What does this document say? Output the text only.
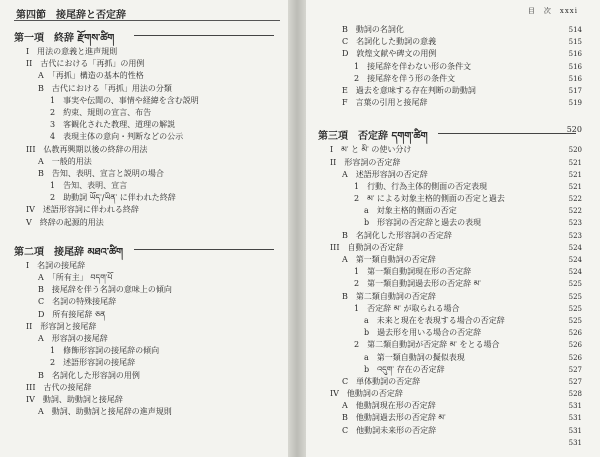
第四節　接尾辞と否定辞
第一項　終辞 རྫོགས་ཚིག
I　用法の意義と進声規則
II　古代における「再抓」の用例
A　「再抓」構造の基本的性格
B　古代における「再抓」用法の分類
1　事実や伝聞の、事情や経緯を含む説明
2　約束、規則の宣言、布告
3　客観化された教理、道理の解説
4　表現主体の意向・判断などの公示
III　仏教再興期以後の終辞の用法
A　一般的用法
B　告知、表明、宣言と説明の場合
1　告知、表明、宣言
2　助動詞 ཡོད་/ཡིན་ に伴われた終辞
IV　述語形容詞に伴われる終辞
V　終辞の起源的用法
第二項　接尾辞 མཐའ་ཚིག
I　名詞の接尾辞
A　「所有主」 བདག་པོ
B　接尾辞を伴う名詞の意味上の傾向
C　名詞の特殊接尾辞
D　所有接尾辞 ཅན
II　形容詞と接尾辞
A　形容詞の接尾辞
1　修飾形容詞の接尾辞の傾向
2　述語形容詞の接尾辞
B　名詞化した形容詞の用例
III　古代の接尾辞
IV　動詞、助動詞と接尾辞
A　動詞、助動詞と接尾辞の進声規則
目　次　xxxi
B　動詞の名詞化	514
C　名詞化した動詞の意義	515
D　敦煌文献や碑文の用例	516
1　接尾辞を伴わない形の条件文	516
2　接尾辞を伴う形の条件文	516
E　過去を意味する存在判断の助動詞	517
F　言葉の引用と接尾辞	519
第三項　否定辞 དགག་ཚིག
520
I　མ་ と མི་ の使い分け	520
II　形容詞の否定辞	521
A　述語形容詞の否定辞	521
1　行動、行為主体的側面の否定表現	521
2　མ་ による対象主格的側面の否定と過去	522
a　対象主格的側面の否定	522
b　形容詞の否定辞と過去の表現	523
B　名詞化した形容詞の否定辞	523
III　自動詞の否定辞	524
A　第一類自動詞の否定辞	524
1　第一類自動詞現在形の否定辞	524
2　第一類自動詞過去形の否定辞 མ་	525
B　第二類自動詞の否定辞	525
1　否定辞 མ་ が取られる場合	525
a　未来と現在を表現する場合の否定辞	525
b　過去形を用いる場合の否定辞	526
2　第二類自動詞が否定辞 མ་ をとる場合	526
a　第一類自動詞の擬似表現	526
b　འདུག་ 存在の否定辞	527
C　単体動詞の否定辞	527
IV　他動詞の否定辞	528
A　他動詞現在形の否定辞	531
B　他動詞過去形の否定辞 མ་	531
C　他動詞未来形の否定辞	531
531
